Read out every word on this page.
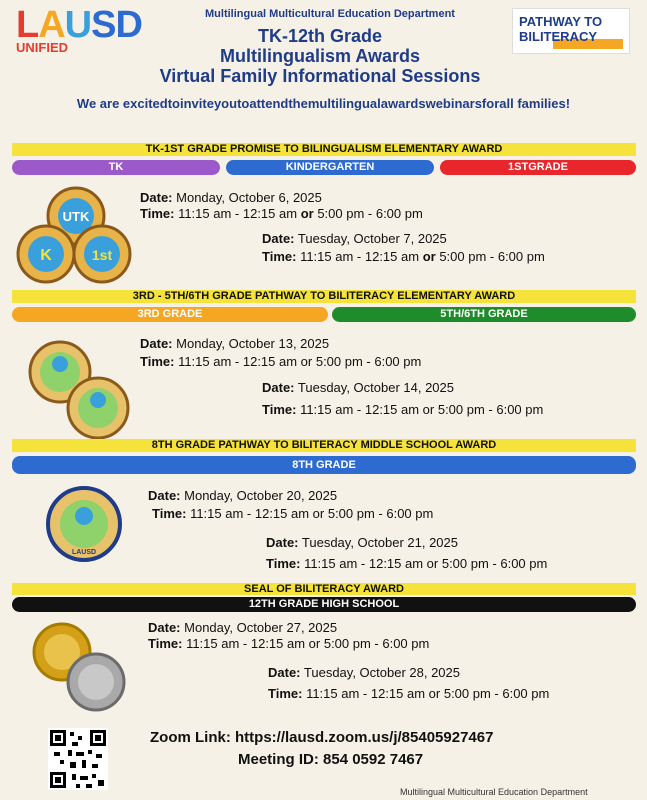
LAUSD
UNIFIED
Multilingual Multicultural Education Department
TK-12th Grade
Multilingualism Awards
Virtual Family Informational Sessions
PATHWAY TO
BILITERACY
We are excitedtoinviteyoutoattendthemultilingualawardswebinarsforall families!
TK-1ST GRADE PROMISE TO BILINGUALISM ELEMENTARY AWARD
TK	KINDERGARTEN	1STGRADE
UTK
K	1st
Date: Monday, October 6, 2025
Time: 11:15 am - 12:15 am or 5:00 pm - 6:00 pm
Date: Tuesday, October 7, 2025
Time: 11:15 am - 12:15 am or 5:00 pm - 6:00 pm
3RD - 5TH/6TH GRADE PATHWAY TO BILITERACY ELEMENTARY AWARD
3RD GRADE	5TH/6TH GRADE
Date: Monday, October 13, 2025
Time: 11:15 am - 12:15 am or 5:00 pm - 6:00 pm
Date: Tuesday, October 14, 2025
Time: 11:15 am - 12:15 am or 5:00 pm - 6:00 pm
8TH GRADE PATHWAY TO BILITERACY MIDDLE SCHOOL AWARD
8TH GRADE
LAUSD
Date: Monday, October 20, 2025
Time: 11:15 am - 12:15 am or 5:00 pm - 6:00 pm
Date: Tuesday, October 21, 2025
Time: 11:15 am - 12:15 am or 5:00 pm - 6:00 pm
SEAL OF BILITERACY AWARD
12TH GRADE HIGH SCHOOL
Date: Monday, October 27, 2025
Time: 11:15 am - 12:15 am or 5:00 pm - 6:00 pm
Date: Tuesday, October 28, 2025
Time: 11:15 am - 12:15 am or 5:00 pm - 6:00 pm
Zoom Link: https://lausd.zoom.us/j/85405927467
Meeting ID: 854 0592 7467
Multilingual Multicultural Education Department
